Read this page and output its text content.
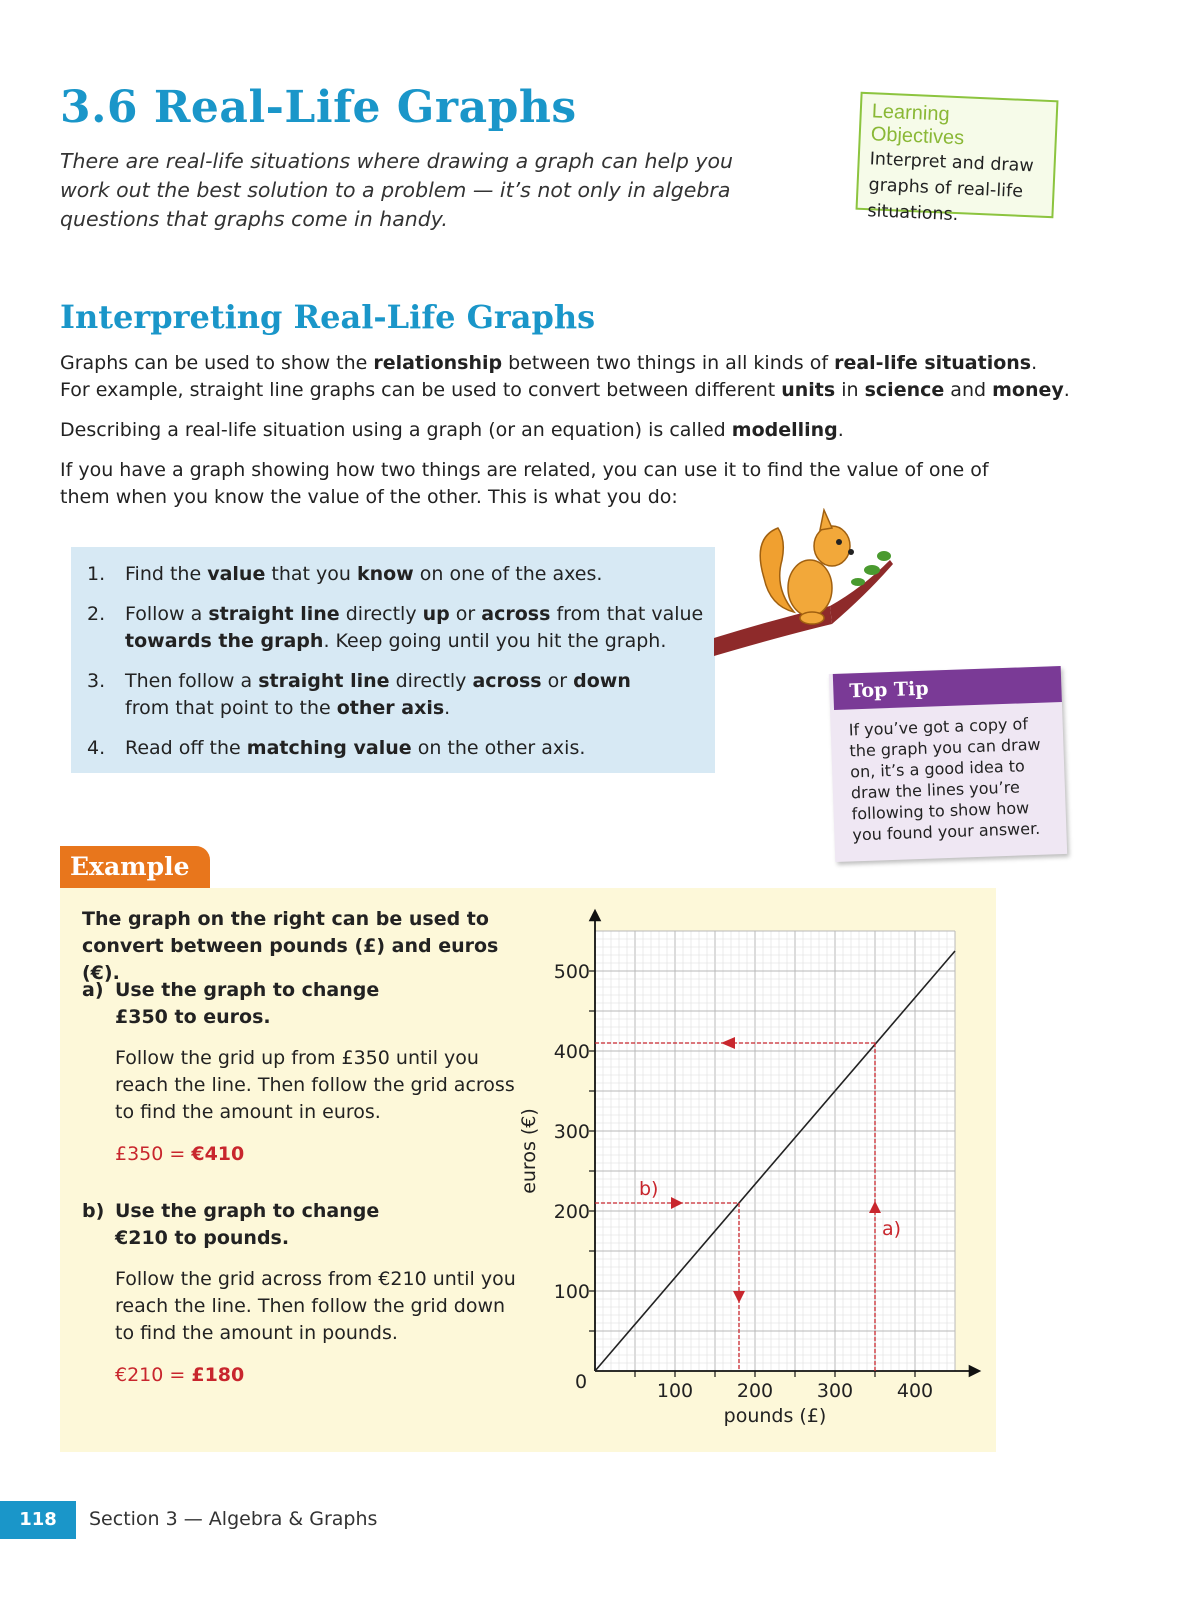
3.6 Real-Life Graphs
There are real-life situations where drawing a graph can help you work out the best solution to a problem — it’s not only in algebra questions that graphs come in handy.
Learning Objectives
Interpret and draw graphs of real-life situations.
Interpreting Real-Life Graphs
Graphs can be used to show the relationship between two things in all kinds of real-life situations.
For example, straight line graphs can be used to convert between different units in science and money.
Describing a real-life situation using a graph (or an equation) is called modelling.
If you have a graph showing how two things are related, you can use it to find the value of one of them when you know the value of the other. This is what you do:
1. Find the value that you know on one of the axes.
2. Follow a straight line directly up or across from that value towards the graph. Keep going until you hit the graph.
3. Then follow a straight line directly across or down from that point to the other axis.
4. Read off the matching value on the other axis.
Top Tip
If you’ve got a copy of the graph you can draw on, it’s a good idea to draw the lines you’re following to show how you found your answer.
Example
The graph on the right can be used to convert between pounds (£) and euros (€).
a) Use the graph to change
£350 to euros.
Follow the grid up from £350 until you reach the line. Then follow the grid across to find the amount in euros.
£350 = €410
b) Use the graph to change
€210 to pounds.
Follow the grid across from €210 until you reach the line. Then follow the grid down to find the amount in pounds.
€210 = £180
a)
b)
100 200 300 400
100
200
300
400
500
0
pounds (£)
euros (€)
118	Section 3 — Algebra & Graphs
